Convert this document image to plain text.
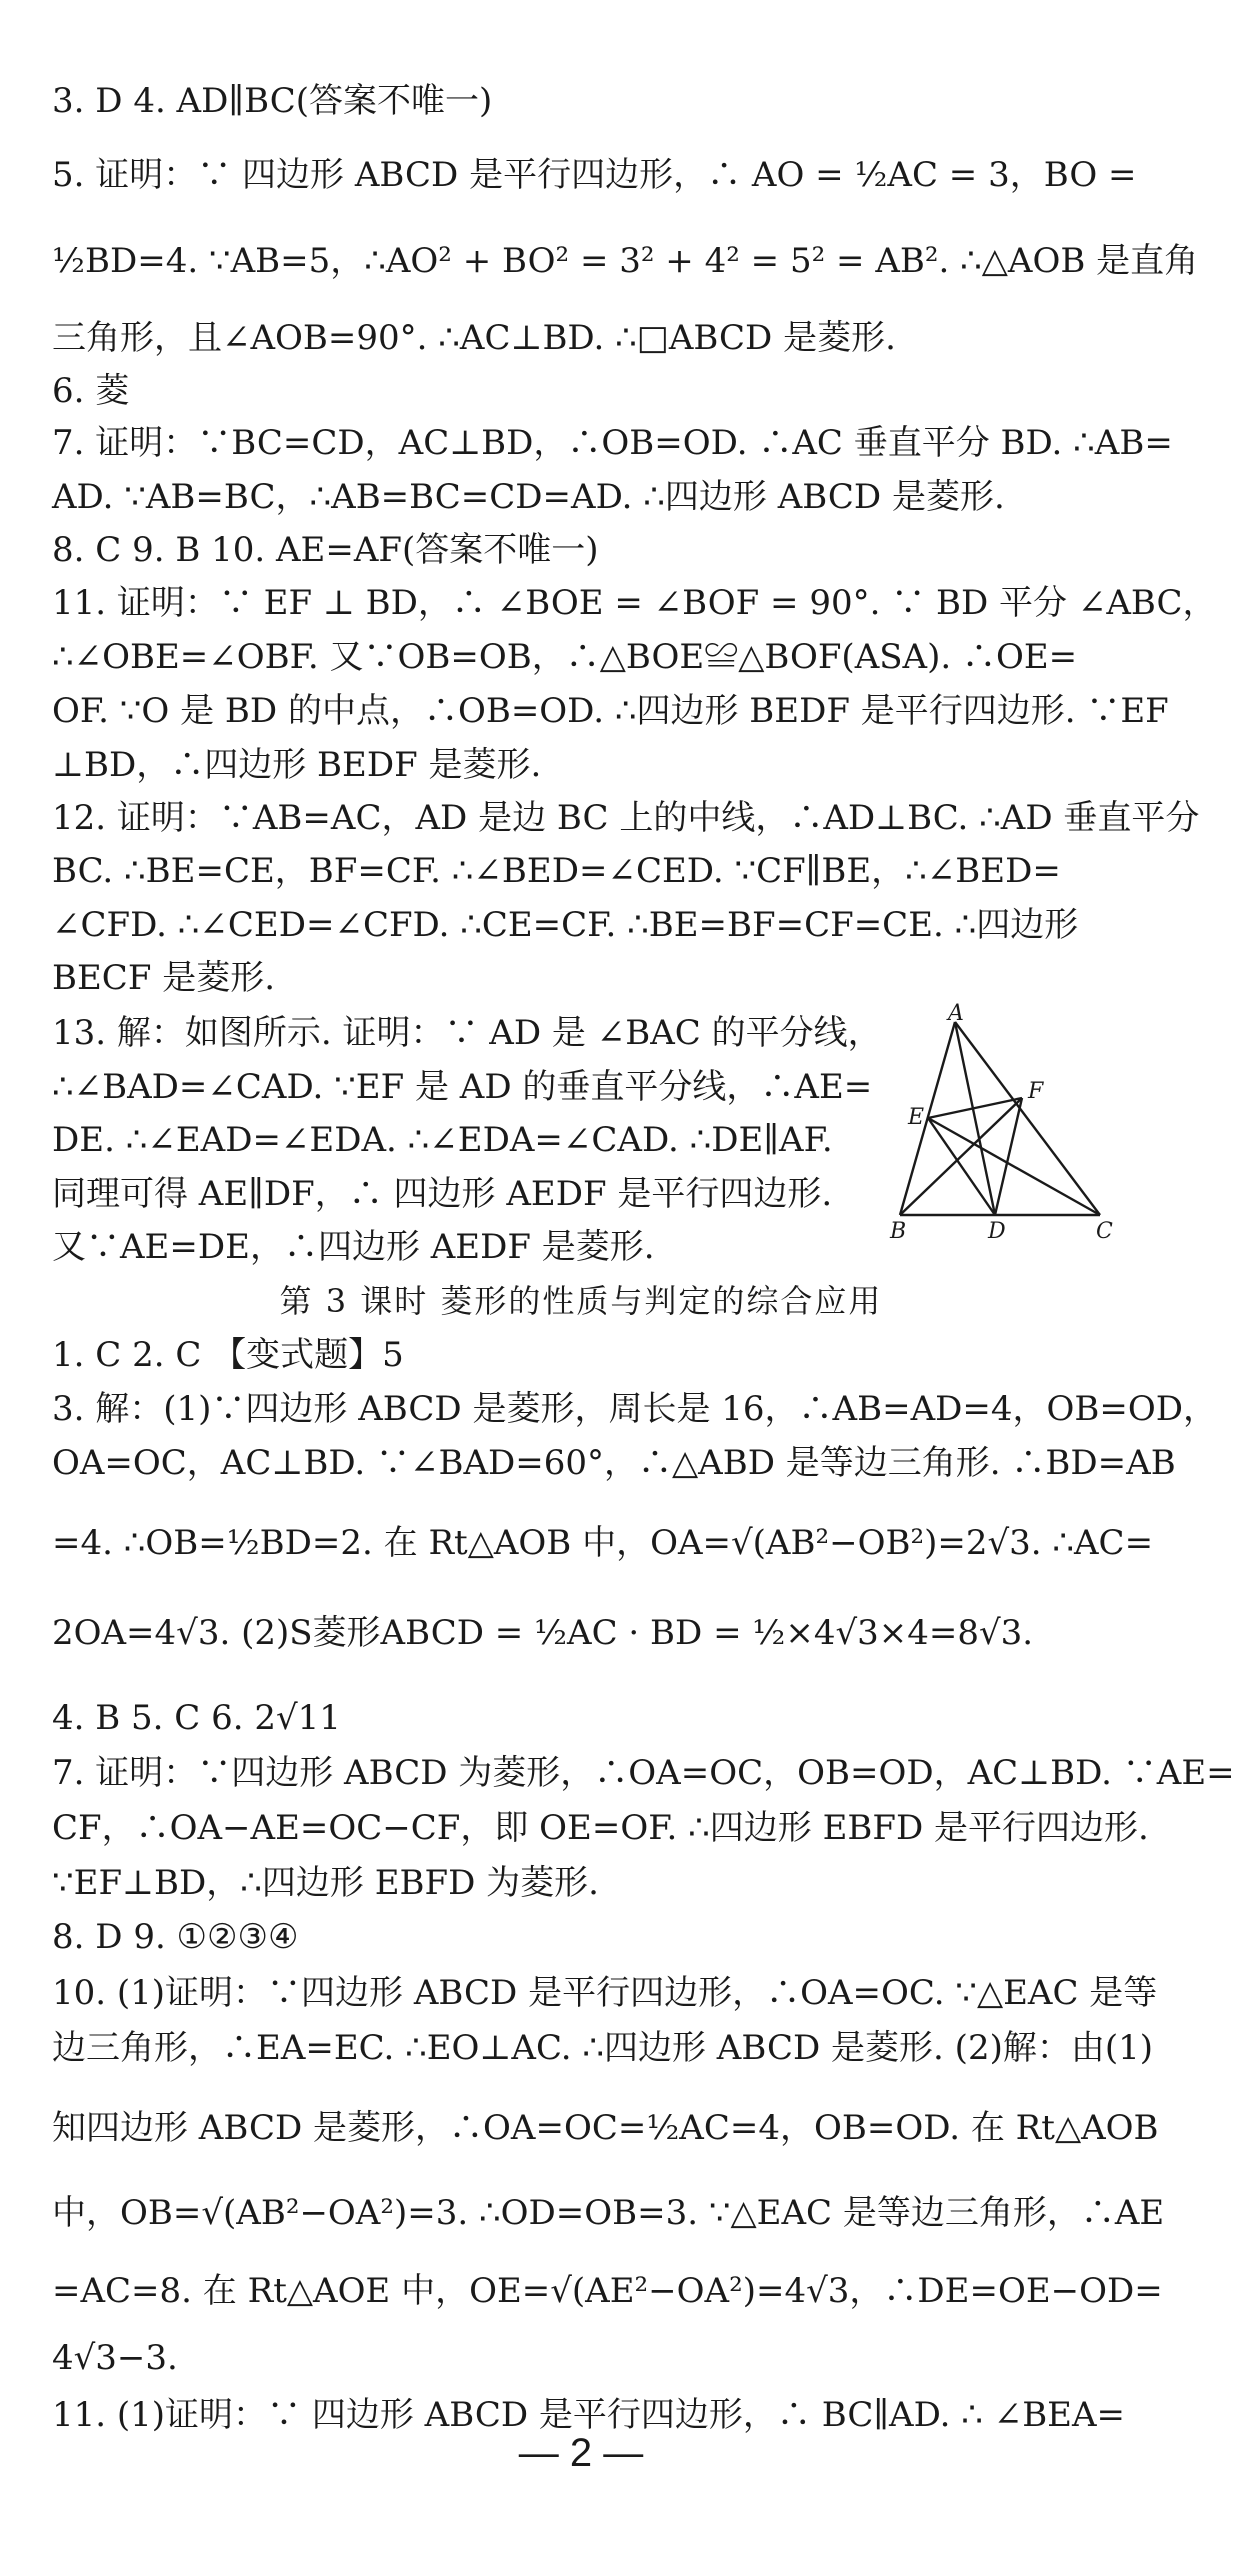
3. D 4. AD∥BC(答案不唯一)
5. 证明：∵ 四边形 ABCD 是平行四边形，∴ AO = ½AC = 3，BO =
½BD=4. ∵AB=5，∴AO² + BO² = 3² + 4² = 5² = AB². ∴△AOB 是直角
三角形，且∠AOB=90°. ∴AC⊥BD. ∴□ABCD 是菱形.
6. 菱
7. 证明：∵BC=CD，AC⊥BD，∴OB=OD. ∴AC 垂直平分 BD. ∴AB=
AD. ∵AB=BC，∴AB=BC=CD=AD. ∴四边形 ABCD 是菱形.
8. C 9. B 10. AE=AF(答案不唯一)
11. 证明：∵ EF ⊥ BD，∴ ∠BOE = ∠BOF = 90°. ∵ BD 平分 ∠ABC，
∴∠OBE=∠OBF. 又∵OB=OB，∴△BOE≌△BOF(ASA). ∴OE=
OF. ∵O 是 BD 的中点，∴OB=OD. ∴四边形 BEDF 是平行四边形. ∵EF
⊥BD，∴四边形 BEDF 是菱形.
12. 证明：∵AB=AC，AD 是边 BC 上的中线，∴AD⊥BC. ∴AD 垂直平分
BC. ∴BE=CE，BF=CF. ∴∠BED=∠CED. ∵CF∥BE，∴∠BED=
∠CFD. ∴∠CED=∠CFD. ∴CE=CF. ∴BE=BF=CF=CE. ∴四边形
BECF 是菱形.
13. 解：如图所示. 证明：∵ AD 是 ∠BAC 的平分线，
∴∠BAD=∠CAD. ∵EF 是 AD 的垂直平分线，∴AE=
DE. ∴∠EAD=∠EDA. ∴∠EDA=∠CAD. ∴DE∥AF.
同理可得 AE∥DF，∴ 四边形 AEDF 是平行四边形.
又∵AE=DE，∴四边形 AEDF 是菱形.
1. C 2. C 【变式题】5
3. 解：(1)∵四边形 ABCD 是菱形，周长是 16，∴AB=AD=4，OB=OD，
OA=OC，AC⊥BD. ∵∠BAD=60°，∴△ABD 是等边三角形. ∴BD=AB
=4. ∴OB=½BD=2. 在 Rt△AOB 中，OA=√(AB²−OB²)=2√3. ∴AC=
2OA=4√3. (2)S菱形ABCD = ½AC · BD = ½×4√3×4=8√3.
4. B 5. C 6. 2√11
7. 证明：∵四边形 ABCD 为菱形，∴OA=OC，OB=OD，AC⊥BD. ∵AE=
CF，∴OA−AE=OC−CF，即 OE=OF. ∴四边形 EBFD 是平行四边形.
∵EF⊥BD，∴四边形 EBFD 为菱形.
8. D 9. ①②③④
10. (1)证明：∵四边形 ABCD 是平行四边形，∴OA=OC. ∵△EAC 是等
边三角形，∴EA=EC. ∴EO⊥AC. ∴四边形 ABCD 是菱形. (2)解：由(1)
知四边形 ABCD 是菱形，∴OA=OC=½AC=4，OB=OD. 在 Rt△AOB
中，OB=√(AB²−OA²)=3. ∴OD=OB=3. ∵△EAC 是等边三角形，∴AE
=AC=8. 在 Rt△AOE 中，OE=√(AE²−OA²)=4√3，∴DE=OE−OD=
4√3−3.
11. (1)证明：∵ 四边形 ABCD 是平行四边形，∴ BC∥AD. ∴ ∠BEA=
第 3 课时 菱形的性质与判定的综合应用
A
B	C
D
E
F
— 2 —
